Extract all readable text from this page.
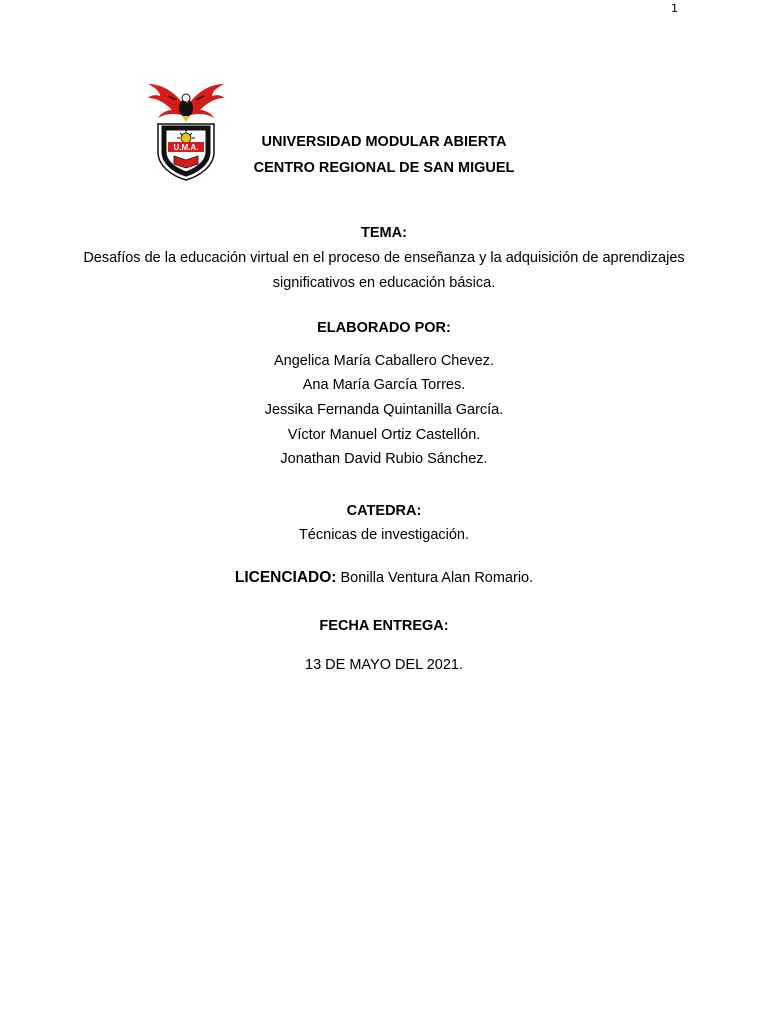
1
U.M.A.	UNIVERSIDAD MODULAR ABIERTA
CENTRO REGIONAL DE SAN MIGUEL
TEMA:
Desafíos de la educación virtual en el proceso de enseñanza y la adquisición de aprendizajes
significativos en educación básica.
ELABORADO POR:
Angelica María Caballero Chevez.
Ana María García Torres.
Jessika Fernanda Quintanilla García.
Víctor Manuel Ortiz Castellón.
Jonathan David Rubio Sánchez.
CATEDRA:
Técnicas de investigación.
LICENCIADO: Bonilla Ventura Alan Romario.
FECHA ENTREGA:
13 DE MAYO DEL 2021.
